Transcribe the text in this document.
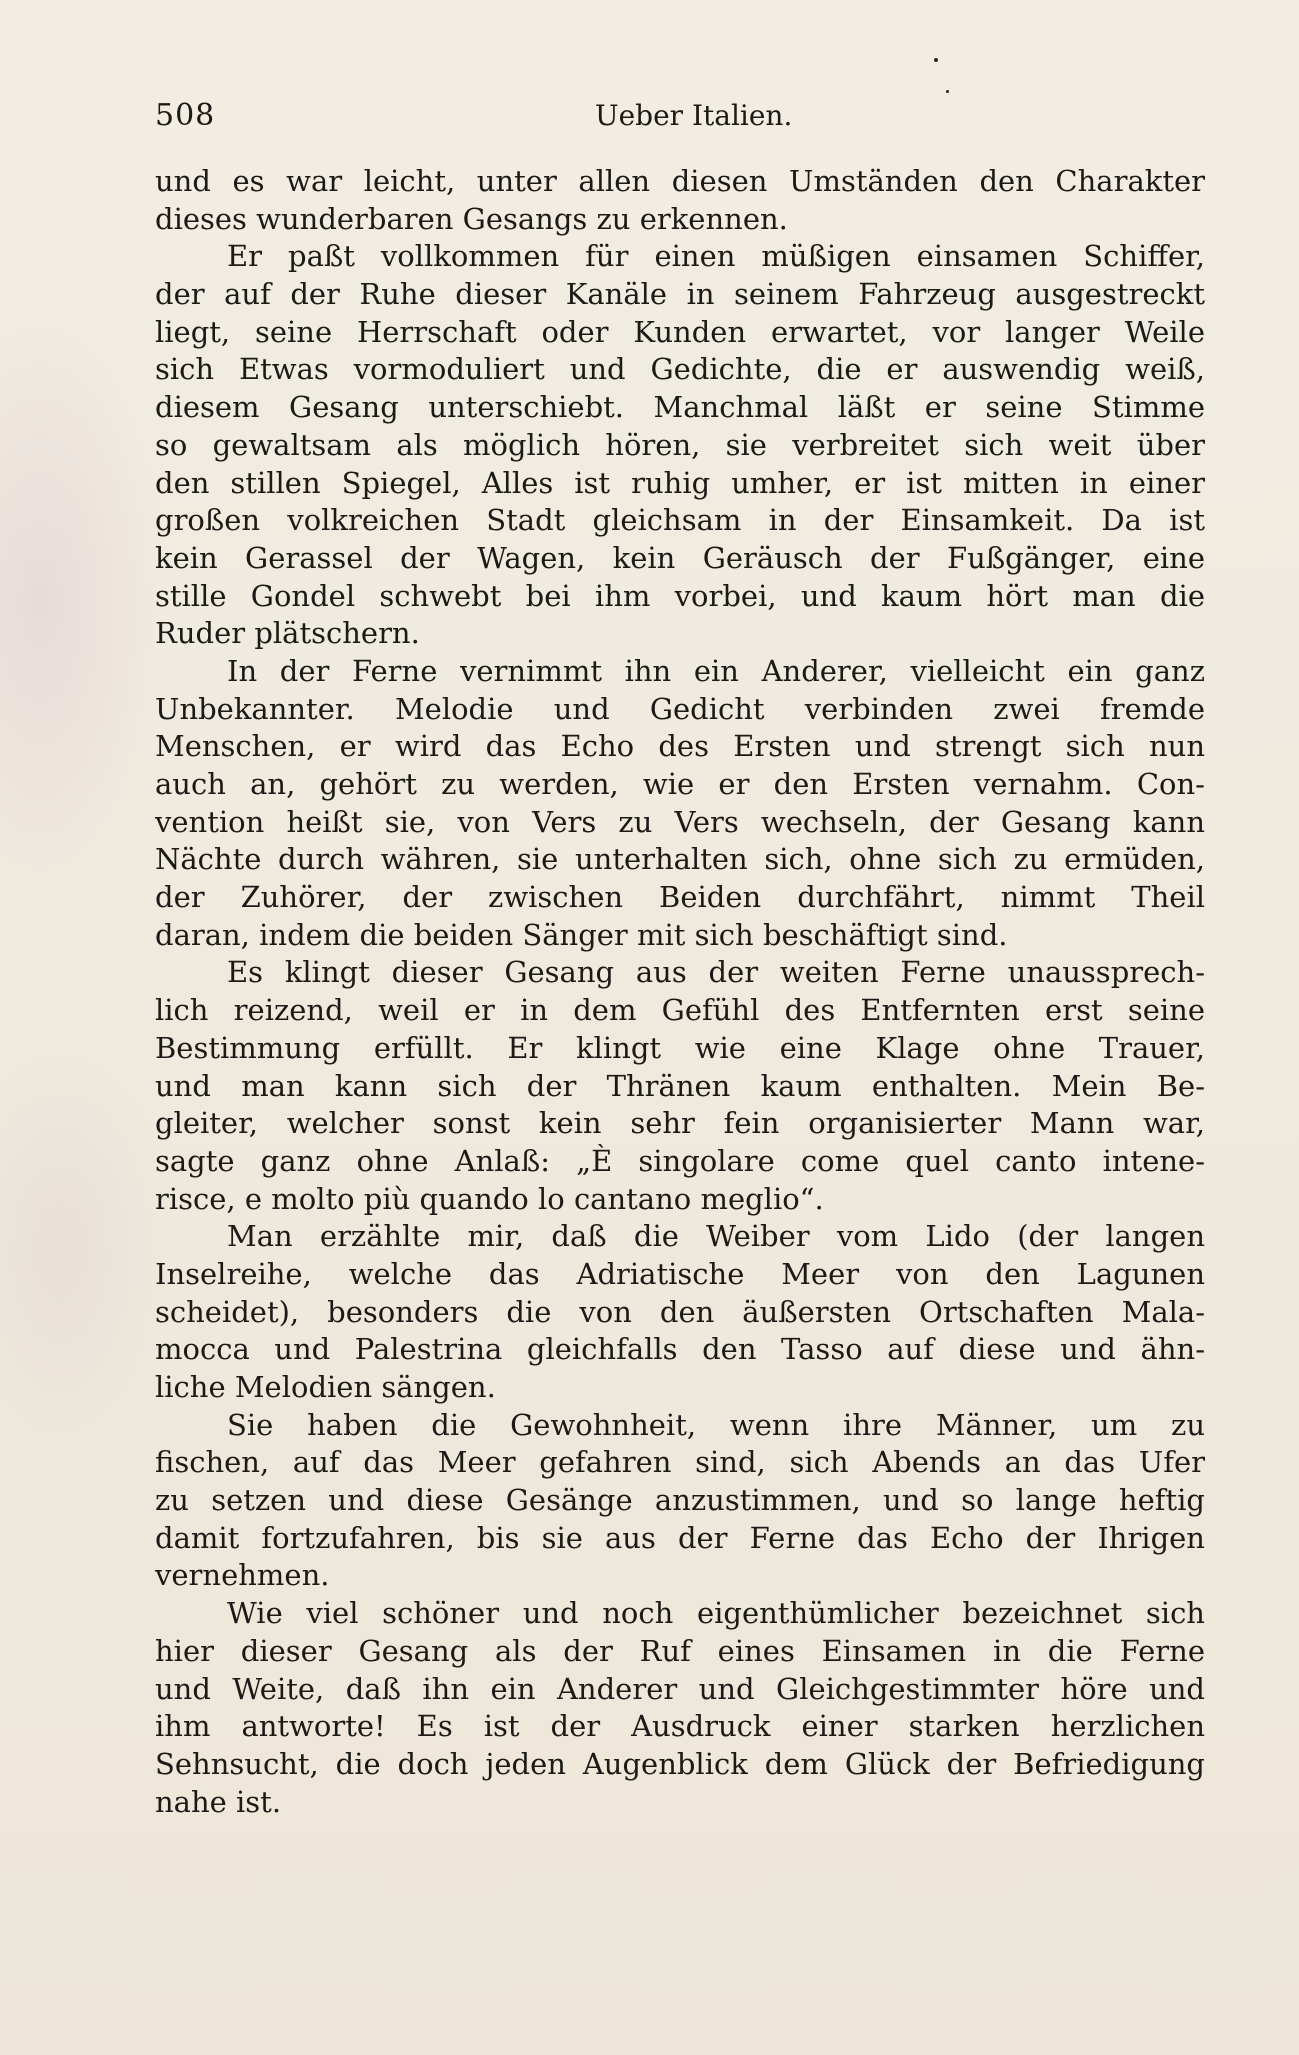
508	Ueber Italien.
und es war leicht, unter allen diesen Umständen den Charakter
dieses wunderbaren Gesangs zu erkennen.
Er paßt vollkommen für einen müßigen einsamen Schiffer,
der auf der Ruhe dieser Kanäle in seinem Fahrzeug ausgestreckt
liegt, seine Herrschaft oder Kunden erwartet, vor langer Weile
sich Etwas vormoduliert und Gedichte, die er auswendig weiß,
diesem Gesang unterschiebt. Manchmal läßt er seine Stimme
so gewaltsam als möglich hören, sie verbreitet sich weit über
den stillen Spiegel, Alles ist ruhig umher, er ist mitten in einer
großen volkreichen Stadt gleichsam in der Einsamkeit. Da ist
kein Gerassel der Wagen, kein Geräusch der Fußgänger, eine
stille Gondel schwebt bei ihm vorbei, und kaum hört man die
Ruder plätschern.
In der Ferne vernimmt ihn ein Anderer, vielleicht ein ganz
Unbekannter. Melodie und Gedicht verbinden zwei fremde
Menschen, er wird das Echo des Ersten und strengt sich nun
auch an, gehört zu werden, wie er den Ersten vernahm. Con-
vention heißt sie, von Vers zu Vers wechseln, der Gesang kann
Nächte durch währen, sie unterhalten sich, ohne sich zu ermüden,
der Zuhörer, der zwischen Beiden durchfährt, nimmt Theil
daran, indem die beiden Sänger mit sich beschäftigt sind.
Es klingt dieser Gesang aus der weiten Ferne unaussprech-
lich reizend, weil er in dem Gefühl des Entfernten erst seine
Bestimmung erfüllt. Er klingt wie eine Klage ohne Trauer,
und man kann sich der Thränen kaum enthalten. Mein Be-
gleiter, welcher sonst kein sehr fein organisierter Mann war,
sagte ganz ohne Anlaß: „È singolare come quel canto intene-
risce, e molto più quando lo cantano meglio“.
Man erzählte mir, daß die Weiber vom Lido (der langen
Inselreihe, welche das Adriatische Meer von den Lagunen
scheidet), besonders die von den äußersten Ortschaften Mala-
mocca und Palestrina gleichfalls den Tasso auf diese und ähn-
liche Melodien sängen.
Sie haben die Gewohnheit, wenn ihre Männer, um zu
fischen, auf das Meer gefahren sind, sich Abends an das Ufer
zu setzen und diese Gesänge anzustimmen, und so lange heftig
damit fortzufahren, bis sie aus der Ferne das Echo der Ihrigen
vernehmen.
Wie viel schöner und noch eigenthümlicher bezeichnet sich
hier dieser Gesang als der Ruf eines Einsamen in die Ferne
und Weite, daß ihn ein Anderer und Gleichgestimmter höre und
ihm antworte! Es ist der Ausdruck einer starken herzlichen
Sehnsucht, die doch jeden Augenblick dem Glück der Befriedigung
nahe ist.
